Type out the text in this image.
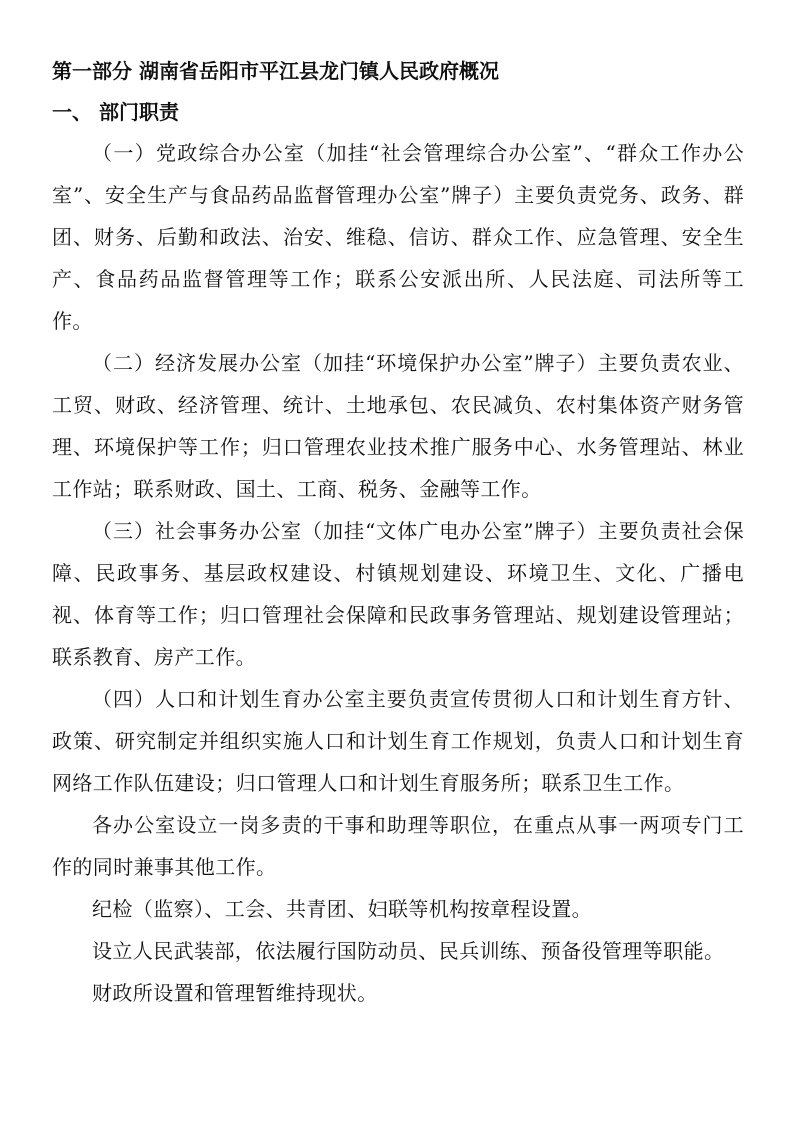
第一部分 湖南省岳阳市平江县龙门镇人民政府概况
一、 部门职责

（一）党政综合办公室（加挂“社会管理综合办公室”、“群众工作办公室”、安全生产与食品药品监督管理办公室”牌子）主要负责党务、政务、群团、财务、后勤和政法、治安、维稳、信访、群众工作、应急管理、安全生产、食品药品监督管理等工作；联系公安派出所、人民法庭、司法所等工作。

（二）经济发展办公室（加挂“环境保护办公室”牌子）主要负责农业、工贸、财政、经济管理、统计、土地承包、农民减负、农村集体资产财务管理、环境保护等工作；归口管理农业技术推广服务中心、水务管理站、林业工作站；联系财政、国土、工商、税务、金融等工作。

（三）社会事务办公室（加挂“文体广电办公室”牌子）主要负责社会保障、民政事务、基层政权建设、村镇规划建设、环境卫生、文化、广播电视、体育等工作；归口管理社会保障和民政事务管理站、规划建设管理站；联系教育、房产工作。

（四）人口和计划生育办公室主要负责宣传贯彻人口和计划生育方针、政策、研究制定并组织实施人口和计划生育工作规划，负责人口和计划生育网络工作队伍建设；归口管理人口和计划生育服务所；联系卫生工作。

各办公室设立一岗多责的干事和助理等职位，在重点从事一两项专门工作的同时兼事其他工作。

纪检（监察）、工会、共青团、妇联等机构按章程设置。

设立人民武装部，依法履行国防动员、民兵训练、预备役管理等职能。

财政所设置和管理暂维持现状。
